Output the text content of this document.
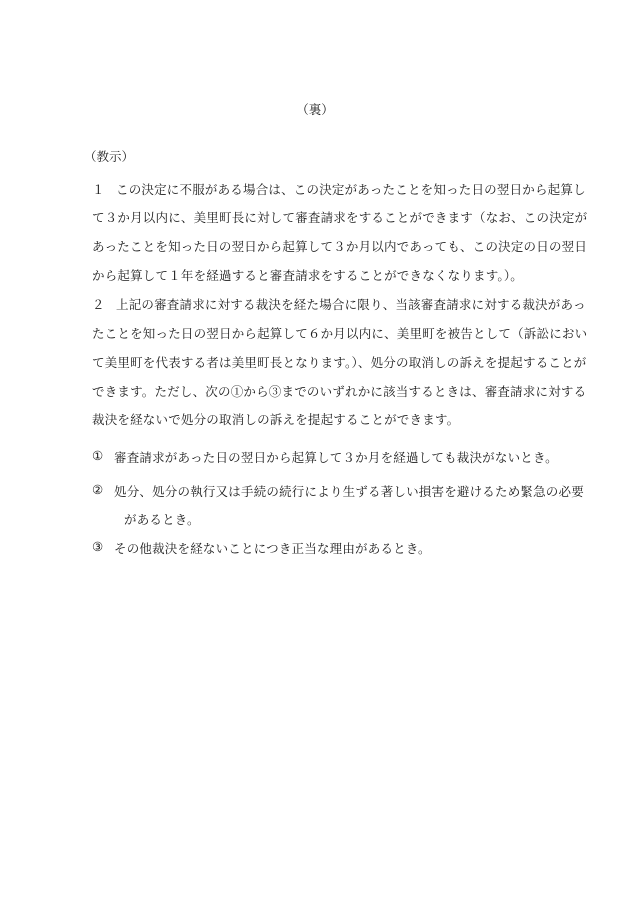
（裏）
（教示）
１ この決定に不服がある場合は、この決定があったことを知った日の翌日から起算し
て３か月以内に、美里町長に対して審査請求をすることができます（なお、この決定が
あったことを知った日の翌日から起算して３か月以内であっても、この決定の日の翌日
から起算して１年を経過すると審査請求をすることができなくなります。）。
２ 上記の審査請求に対する裁決を経た場合に限り、当該審査請求に対する裁決があっ
たことを知った日の翌日から起算して６か月以内に、美里町を被告として（訴訟におい
て美里町を代表する者は美里町長となります。）、処分の取消しの訴えを提起することが
できます。ただし、次の①から③までのいずれかに該当するときは、審査請求に対する
裁決を経ないで処分の取消しの訴えを提起することができます。
① 審査請求があった日の翌日から起算して３か月を経過しても裁決がないとき。
② 処分、処分の執行又は手続の続行により生ずる著しい損害を避けるため緊急の必要
があるとき。
③ その他裁決を経ないことにつき正当な理由があるとき。
